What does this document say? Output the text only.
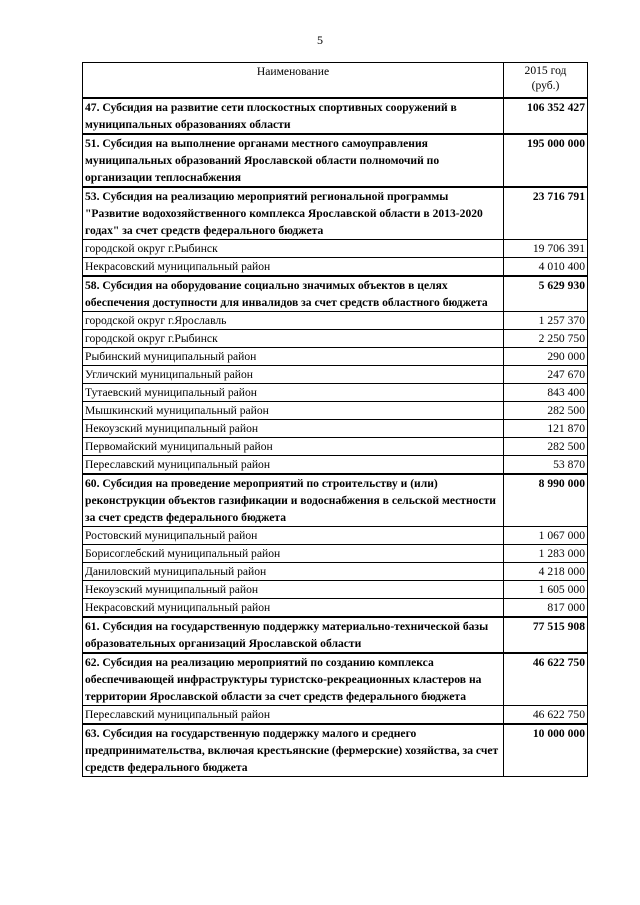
5
Наименование	2015 год
(руб.)

47. Субсидия на развитие сети плоскостных спортивных сооружений в муниципальных образованиях области	106 352 427
51. Субсидия на выполнение органами местного самоуправления муниципальных образований Ярославской области полномочий по организации теплоснабжения	195 000 000
53. Субсидия на реализацию мероприятий региональной программы "Развитие водохозяйственного комплекса Ярославской области в 2013-2020 годах" за счет средств федерального бюджета	23 716 791
городской округ г.Рыбинск	19 706 391
Некрасовский муниципальный район	4 010 400
58. Субсидия на оборудование социально значимых объектов в целях обеспечения доступности для инвалидов за счет средств областного бюджета	5 629 930
городской округ г.Ярославль	1 257 370
городской округ г.Рыбинск	2 250 750
Рыбинский муниципальный район	290 000
Угличский муниципальный район	247 670
Тутаевский муниципальный район	843 400
Мышкинский муниципальный район	282 500
Некоузский муниципальный район	121 870
Первомайский муниципальный район	282 500
Переславский муниципальный район	53 870
60. Субсидия на проведение мероприятий по строительству и (или) реконструкции объектов газификации и водоснабжения в сельской местности за счет средств федерального бюджета	8 990 000
Ростовский муниципальный район	1 067 000
Борисоглебский муниципальный район	1 283 000
Даниловский муниципальный район	4 218 000
Некоузский муниципальный район	1 605 000
Некрасовский муниципальный район	817 000
61. Субсидия на государственную поддержку материально-технической базы образовательных организаций Ярославской области	77 515 908
62. Субсидия на реализацию мероприятий по созданию комплекса обеспечивающей инфраструктуры туристско-рекреационных кластеров на территории Ярославской области за счет средств федерального бюджета	46 622 750
Переславский муниципальный район	46 622 750
63. Субсидия на государственную поддержку малого и среднего предпринимательства, включая крестьянские (фермерские) хозяйства, за счет средств федерального бюджета	10 000 000
